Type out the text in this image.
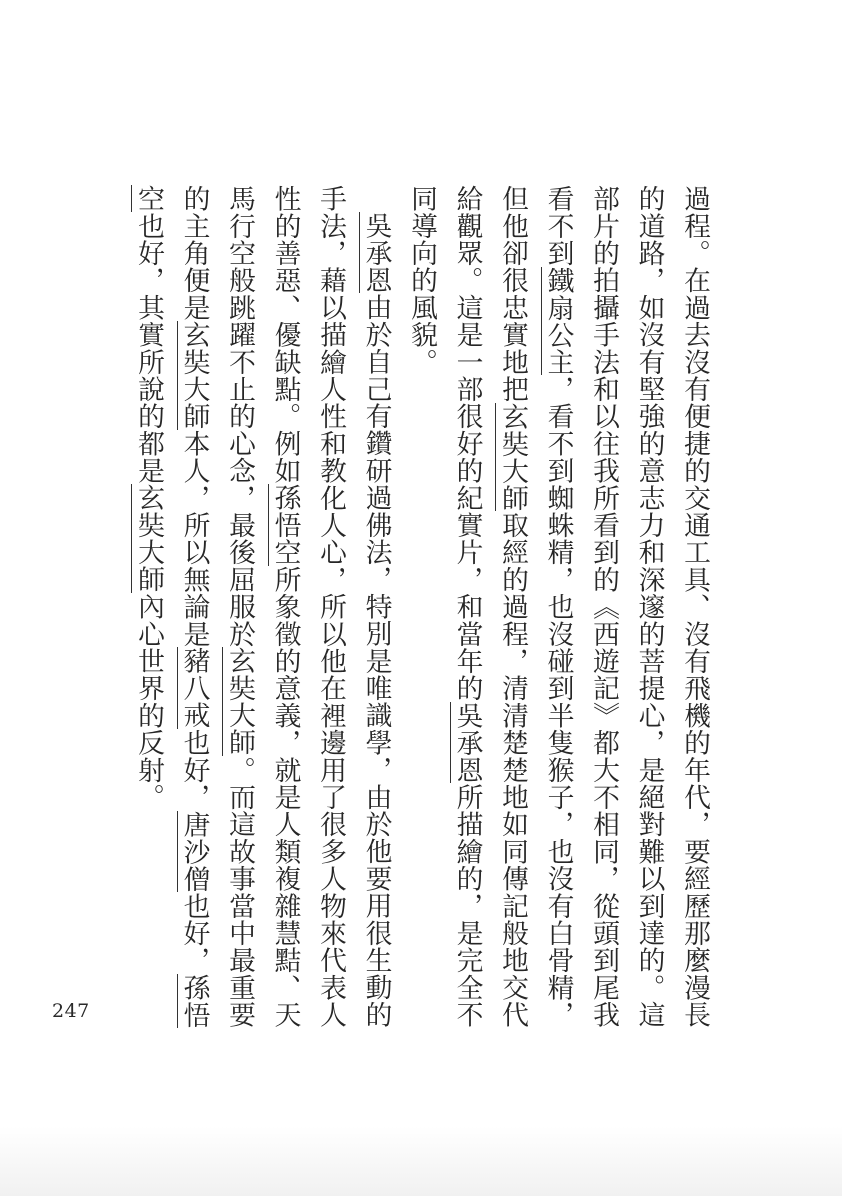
過程。在過去沒有便捷的交通工具、沒有飛機的年代，要經歷那麼漫長的道路，如沒有堅強的意志力和深邃的菩提心，是絕對難以到達的。這部片的拍攝手法和以往我所看到的《西遊記》都大不相同，從頭到尾我看不到鐵扇公主，看不到蜘蛛精，也沒碰到半隻猴子，也沒有白骨精，但他卻很忠實地把玄奘大師取經的過程，清清楚楚地如同傳記般地交代給觀眾。這是一部很好的紀實片，和當年的吳承恩所描繪的，是完全不同導向的風貌。

吳承恩由於自己有鑽研過佛法，特別是唯識學，由於他要用很生動的手法，藉以描繪人性和教化人心，所以他在裡邊用了很多人物來代表人性的善惡、優缺點。例如孫悟空所象徵的意義，就是人類複雜慧黠、天馬行空般跳躍不止的心念，最後屈服於玄奘大師。而這故事當中最重要的主角便是玄奘大師本人，所以無論是豬八戒也好，唐沙僧也好，孫悟空也好，其實所說的都是玄奘大師內心世界的反射。

247
